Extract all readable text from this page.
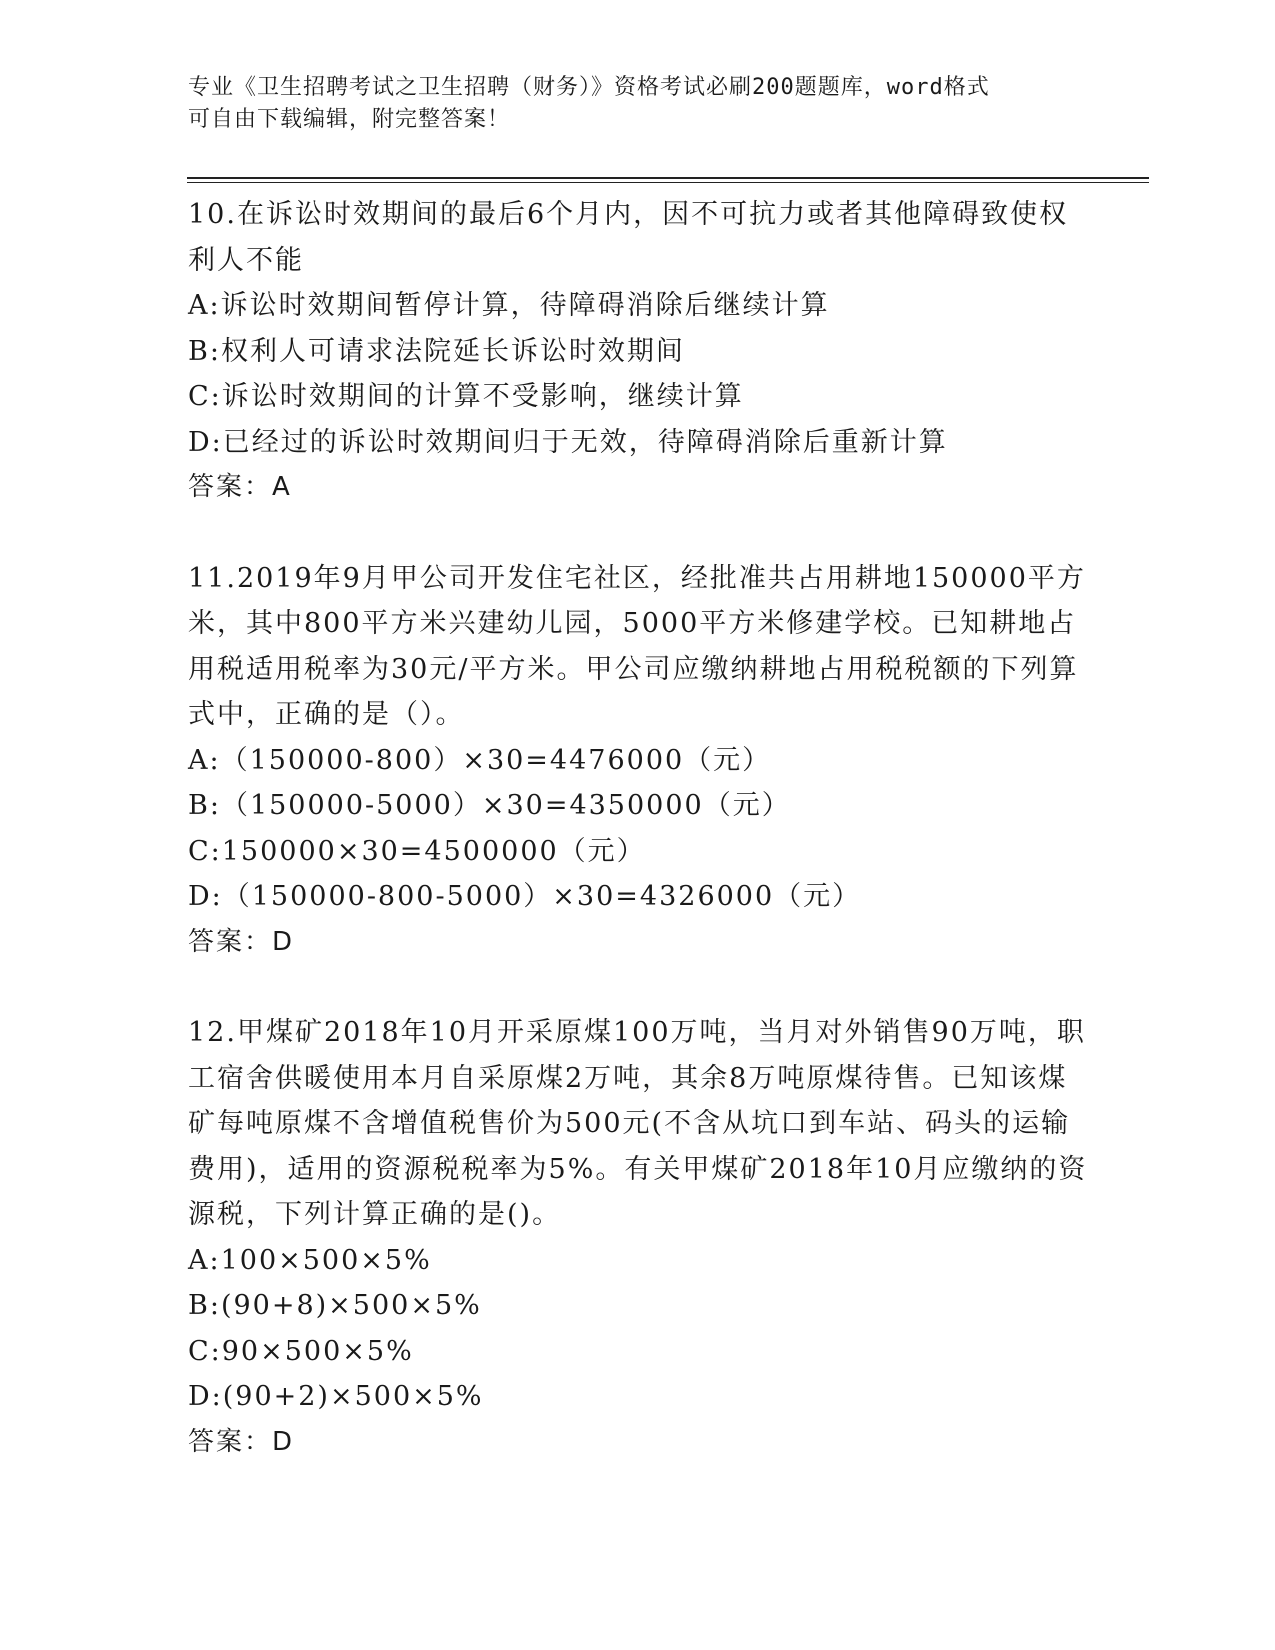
专业《卫生招聘考试之卫生招聘（财务）》资格考试必刷200题题库，word格式
可自由下载编辑，附完整答案！

10.在诉讼时效期间的最后6个月内，因不可抗力或者其他障碍致使权利人不能

A:诉讼时效期间暂停计算，待障碍消除后继续计算

B:权利人可请求法院延长诉讼时效期间

C:诉讼时效期间的计算不受影响，继续计算

D:已经过的诉讼时效期间归于无效，待障碍消除后重新计算

答案：A

11.2019年9月甲公司开发住宅社区，经批准共占用耕地150000平方米，其中800平方米兴建幼儿园，5000平方米修建学校。已知耕地占用税适用税率为30元/平方米。甲公司应缴纳耕地占用税税额的下列算式中，正确的是（）。

A:（150000-800）×30=4476000（元）

B:（150000-5000）×30=4350000（元）

C:150000×30=4500000（元）

D:（150000-800-5000）×30=4326000（元）

答案：D

12.甲煤矿2018年10月开采原煤100万吨，当月对外销售90万吨，职工宿舍供暖使用本月自采原煤2万吨，其余8万吨原煤待售。已知该煤矿每吨原煤不含增值税售价为500元(不含从坑口到车站、码头的运输费用)，适用的资源税税率为5%。有关甲煤矿2018年10月应缴纳的资源税，下列计算正确的是()。

A:100×500×5%

B:(90+8)×500×5%

C:90×500×5%

D:(90+2)×500×5%

答案：D
